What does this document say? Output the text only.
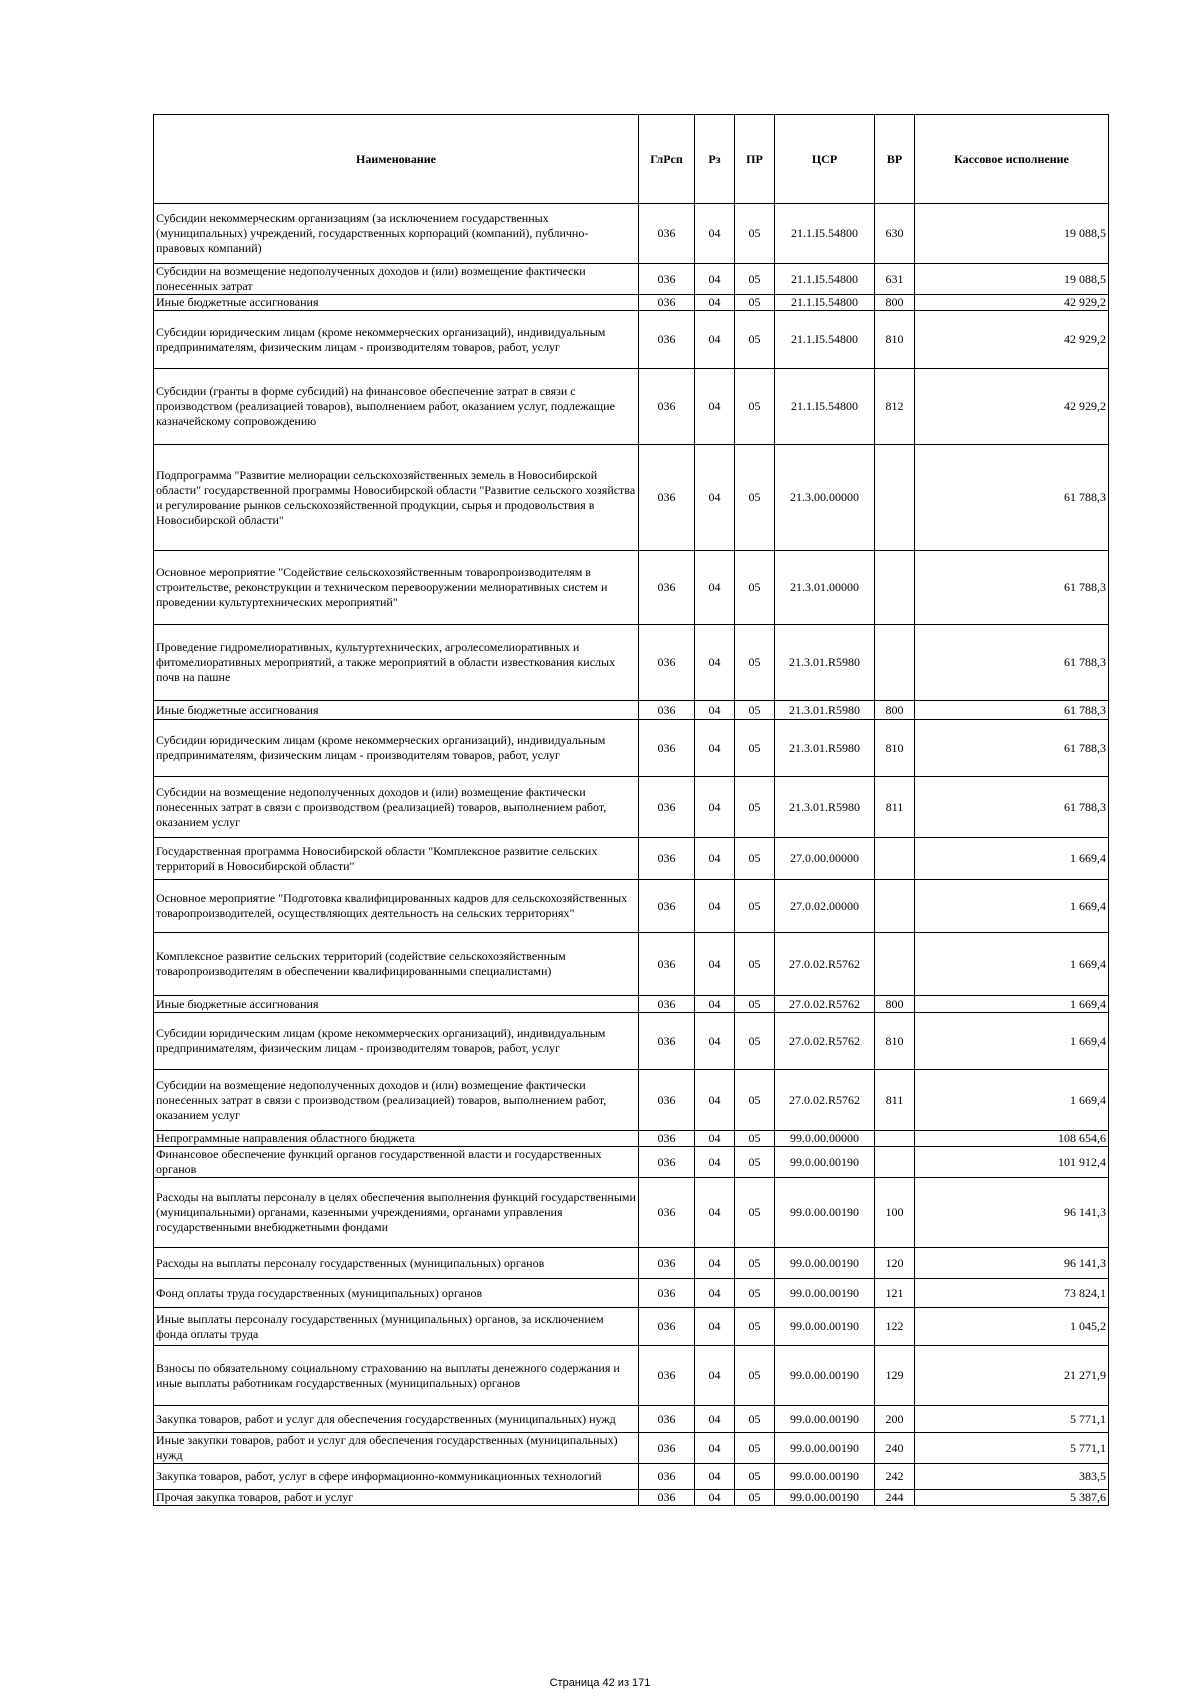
Наименование	ГлРсп	Рз	ПР	ЦСР	ВР	Кассовое исполнение
Субсидии некоммерческим организациям (за исключением государственных (муниципальных) учреждений, государственных корпораций (компаний), публично-правовых компаний)	036	04	05	21.1.I5.54800	630	19 088,5
Субсидии на возмещение недополученных доходов и (или) возмещение фактически понесенных затрат	036	04	05	21.1.I5.54800	631	19 088,5
Иные бюджетные ассигнования	036	04	05	21.1.I5.54800	800	42 929,2
Субсидии юридическим лицам (кроме некоммерческих организаций), индивидуальным предпринимателям, физическим лицам - производителям товаров, работ, услуг	036	04	05	21.1.I5.54800	810	42 929,2
Субсидии (гранты в форме субсидий) на финансовое обеспечение затрат в связи с производством (реализацией товаров), выполнением работ, оказанием услуг, подлежащие казначейскому сопровождению	036	04	05	21.1.I5.54800	812	42 929,2
Подпрограмма "Развитие мелиорации сельскохозяйственных земель в Новосибирской области" государственной программы Новосибирской области "Развитие сельского хозяйства и регулирование рынков сельскохозяйственной продукции, сырья и продовольствия в Новосибирской области"	036	04	05	21.3.00.00000		61 788,3
Основное мероприятие "Содействие сельскохозяйственным товаропроизводителям в строительстве, реконструкции и техническом перевооружении мелиоративных систем и проведении культуртехнических мероприятий"	036	04	05	21.3.01.00000		61 788,3
Проведение гидромелиоративных, культуртехнических, агролесомелиоративных и фитомелиоративных мероприятий, а также мероприятий в области известкования кислых почв на пашне	036	04	05	21.3.01.R5980		61 788,3
Иные бюджетные ассигнования	036	04	05	21.3.01.R5980	800	61 788,3
Субсидии юридическим лицам (кроме некоммерческих организаций), индивидуальным предпринимателям, физическим лицам - производителям товаров, работ, услуг	036	04	05	21.3.01.R5980	810	61 788,3
Субсидии на возмещение недополученных доходов и (или) возмещение фактически понесенных затрат в связи с производством (реализацией) товаров, выполнением работ, оказанием услуг	036	04	05	21.3.01.R5980	811	61 788,3
Государственная программа Новосибирской области "Комплексное развитие сельских территорий в Новосибирской области"	036	04	05	27.0.00.00000		1 669,4
Основное мероприятие "Подготовка квалифицированных кадров для сельскохозяйственных товаропроизводителей, осуществляющих деятельность на сельских территориях"	036	04	05	27.0.02.00000		1 669,4
Комплексное развитие сельских территорий (содействие сельскохозяйственным товаропроизводителям в обеспечении квалифицированными специалистами)	036	04	05	27.0.02.R5762		1 669,4
Иные бюджетные ассигнования	036	04	05	27.0.02.R5762	800	1 669,4
Субсидии юридическим лицам (кроме некоммерческих организаций), индивидуальным предпринимателям, физическим лицам - производителям товаров, работ, услуг	036	04	05	27.0.02.R5762	810	1 669,4
Субсидии на возмещение недополученных доходов и (или) возмещение фактически понесенных затрат в связи с производством (реализацией) товаров, выполнением работ, оказанием услуг	036	04	05	27.0.02.R5762	811	1 669,4
Непрограммные направления областного бюджета	036	04	05	99.0.00.00000		108 654,6
Финансовое обеспечение функций органов государственной власти и государственных органов	036	04	05	99.0.00.00190		101 912,4
Расходы на выплаты персоналу в целях обеспечения выполнения функций государственными (муниципальными) органами, казенными учреждениями, органами управления государственными внебюджетными фондами	036	04	05	99.0.00.00190	100	96 141,3
Расходы на выплаты персоналу государственных (муниципальных) органов	036	04	05	99.0.00.00190	120	96 141,3
Фонд оплаты труда государственных (муниципальных) органов	036	04	05	99.0.00.00190	121	73 824,1
Иные выплаты персоналу государственных (муниципальных) органов, за исключением фонда оплаты труда	036	04	05	99.0.00.00190	122	1 045,2
Взносы по обязательному социальному страхованию на выплаты денежного содержания и иные выплаты работникам государственных (муниципальных) органов	036	04	05	99.0.00.00190	129	21 271,9
Закупка товаров, работ и услуг для обеспечения государственных (муниципальных) нужд	036	04	05	99.0.00.00190	200	5 771,1
Иные закупки товаров, работ и услуг для обеспечения государственных (муниципальных) нужд	036	04	05	99.0.00.00190	240	5 771,1
Закупка товаров, работ, услуг в сфере информационно-коммуникационных технологий	036	04	05	99.0.00.00190	242	383,5
Прочая закупка товаров, работ и услуг	036	04	05	99.0.00.00190	244	5 387,6
Страница 42 из 171
